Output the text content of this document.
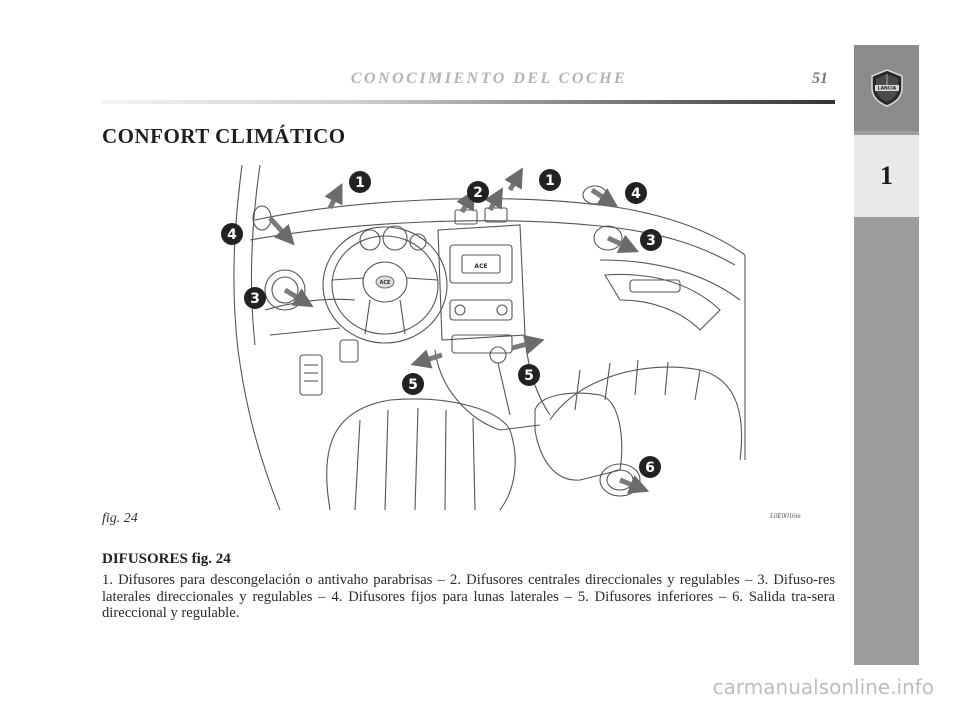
CONOCIMIENTO DEL COCHE	51
LANCIA
1
CONFORT CLIMÁTICO
ACE
ACE
1
2
1
4
4	3
3
5
5
6
fig. 24	L0E0016m
DIFUSORES fig. 24

1. Difusores para descongelación o antivaho parabrisas – 2. Difusores centrales direccionales y regulables – 3. Difuso-res laterales direccionales y regulables – 4. Difusores fijos para lunas laterales – 5. Difusores inferiores – 6. Salida tra-sera direccional y regulable.

carmanualsonline.info
